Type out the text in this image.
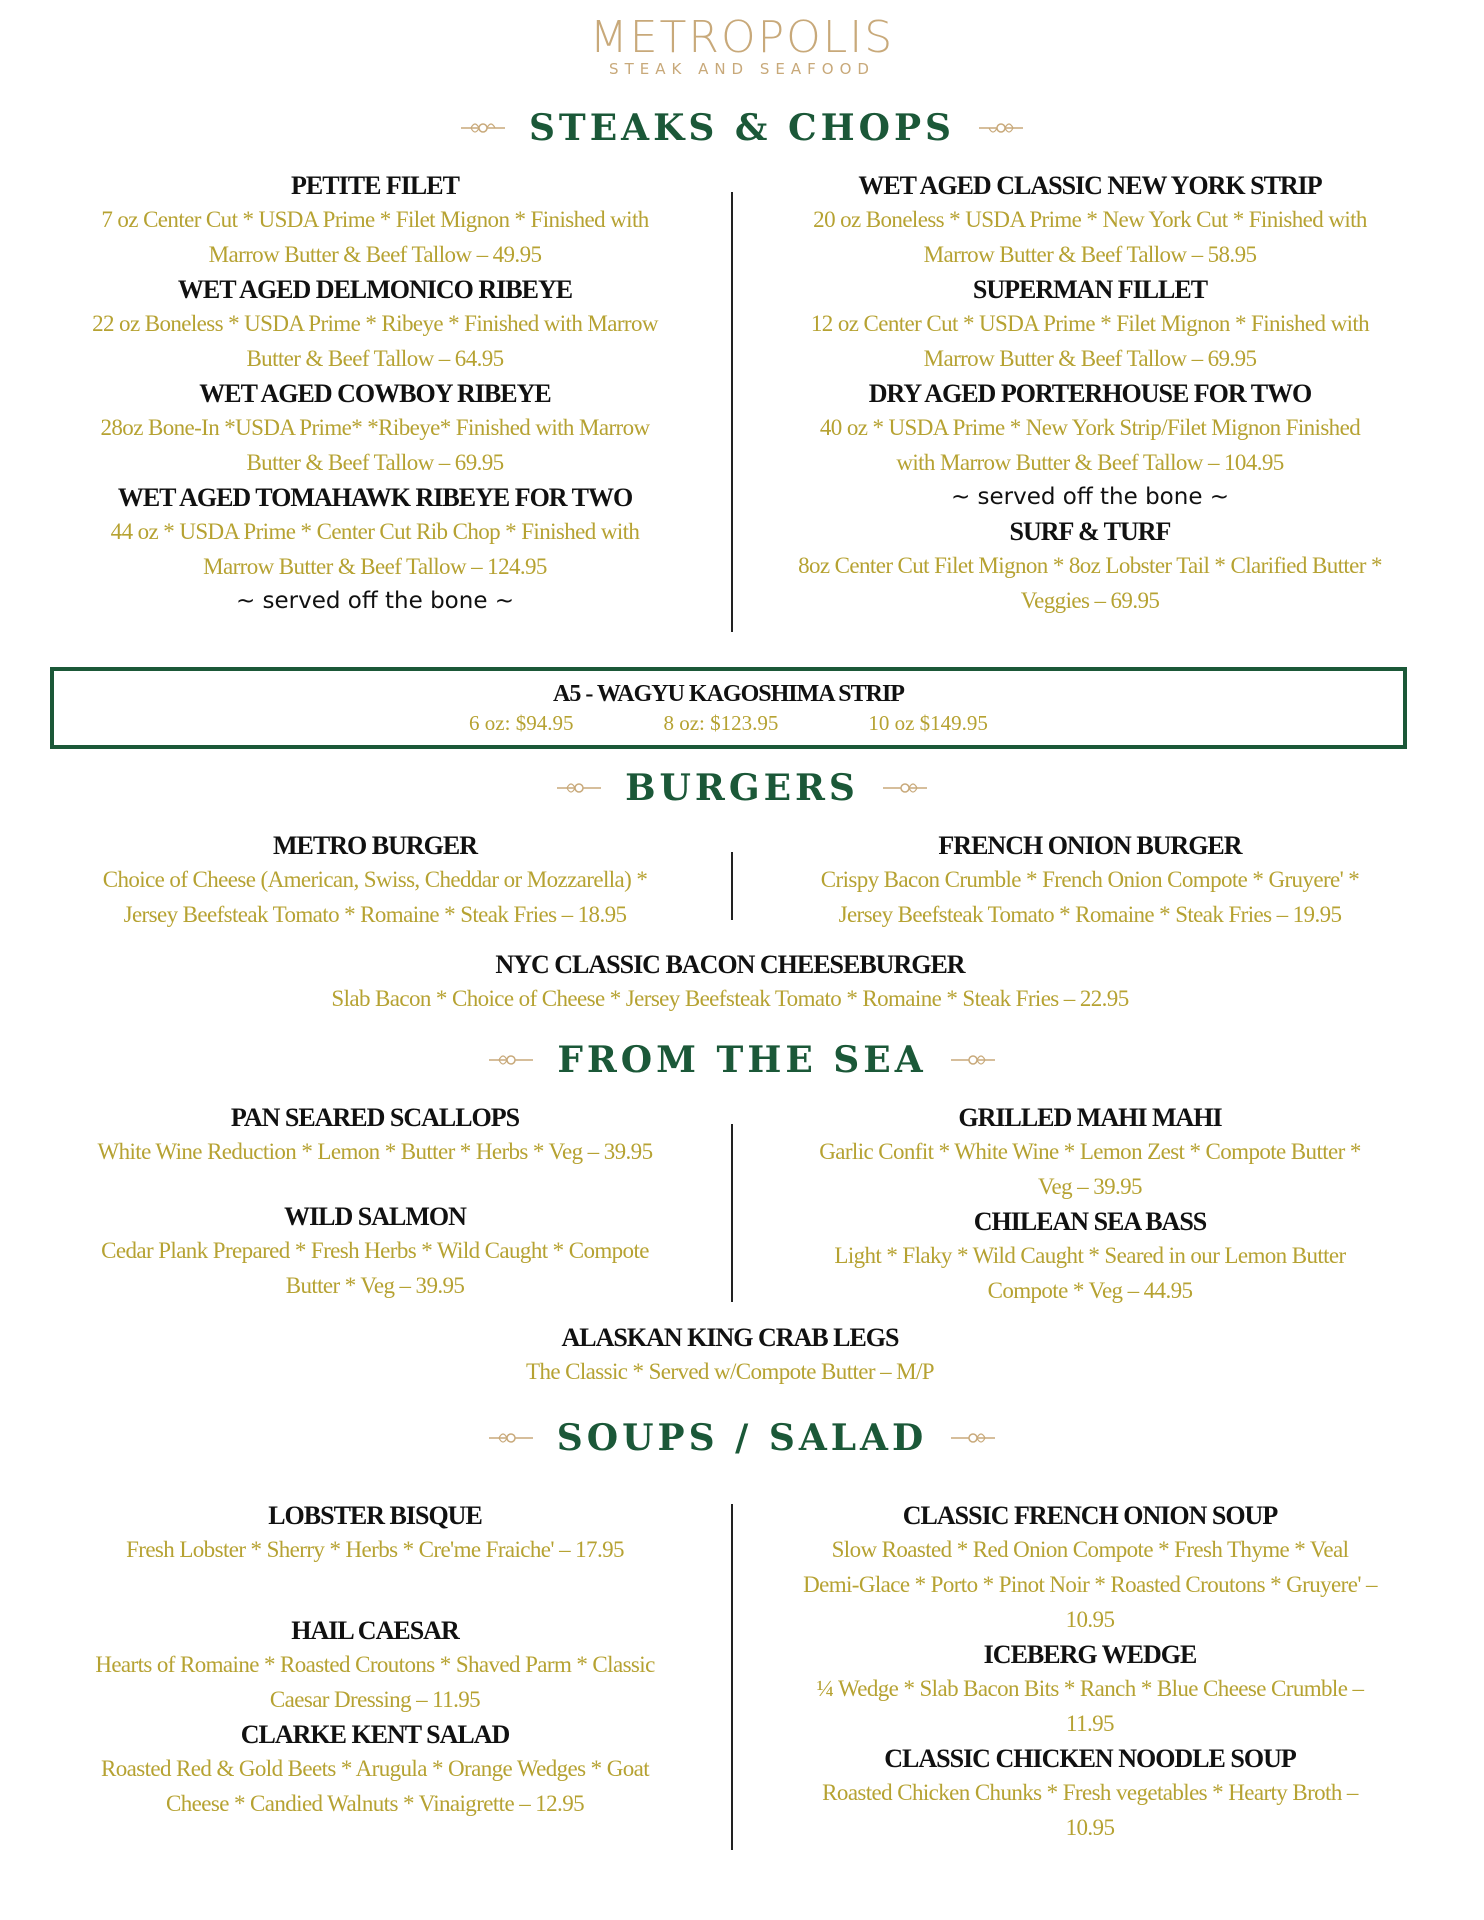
METROPOLIS
STEAK AND SEAFOOD
STEAKS & CHOPS
PETITE FILET
7 oz Center Cut * USDA Prime * Filet Mignon * Finished with
Marrow Butter & Beef Tallow – 49.95
WET AGED DELMONICO RIBEYE
22 oz Boneless * USDA Prime * Ribeye * Finished with Marrow
Butter & Beef Tallow – 64.95
WET AGED COWBOY RIBEYE
28oz Bone-In *USDA Prime* *Ribeye* Finished with Marrow
Butter & Beef Tallow – 69.95
WET AGED TOMAHAWK RIBEYE FOR TWO
44 oz * USDA Prime * Center Cut Rib Chop * Finished with
Marrow Butter & Beef Tallow – 124.95
~ served off the bone ~
WET AGED CLASSIC NEW YORK STRIP
20 oz Boneless * USDA Prime * New York Cut * Finished with
Marrow Butter & Beef Tallow – 58.95
SUPERMAN FILLET
12 oz Center Cut * USDA Prime * Filet Mignon * Finished with
Marrow Butter & Beef Tallow – 69.95
DRY AGED PORTERHOUSE FOR TWO
40 oz * USDA Prime * New York Strip/Filet Mignon Finished
with Marrow Butter & Beef Tallow – 104.95
~ served off the bone ~
SURF & TURF
8oz Center Cut Filet Mignon * 8oz Lobster Tail * Clarified Butter *
Veggies – 69.95
A5 - WAGYU KAGOSHIMA STRIP
6 oz: $94.95	8 oz: $123.95	10 oz $149.95
BURGERS
METRO BURGER
Choice of Cheese (American, Swiss, Cheddar or Mozzarella) *
Jersey Beefsteak Tomato * Romaine * Steak Fries – 18.95
FRENCH ONION BURGER
Crispy Bacon Crumble * French Onion Compote * Gruyere' *
Jersey Beefsteak Tomato * Romaine * Steak Fries – 19.95
NYC CLASSIC BACON CHEESEBURGER
Slab Bacon * Choice of Cheese * Jersey Beefsteak Tomato * Romaine * Steak Fries – 22.95
FROM THE SEA
PAN SEARED SCALLOPS
White Wine Reduction * Lemon * Butter * Herbs * Veg – 39.95
WILD SALMON
Cedar Plank Prepared * Fresh Herbs * Wild Caught * Compote
Butter * Veg – 39.95
GRILLED MAHI MAHI
Garlic Confit * White Wine * Lemon Zest * Compote Butter *
Veg – 39.95
CHILEAN SEA BASS
Light * Flaky * Wild Caught * Seared in our Lemon Butter
Compote * Veg – 44.95
ALASKAN KING CRAB LEGS
The Classic * Served w/Compote Butter – M/P
SOUPS / SALAD
LOBSTER BISQUE
Fresh Lobster * Sherry * Herbs * Cre'me Fraiche' – 17.95
HAIL CAESAR
Hearts of Romaine * Roasted Croutons * Shaved Parm * Classic
Caesar Dressing – 11.95
CLARKE KENT SALAD
Roasted Red & Gold Beets * Arugula * Orange Wedges * Goat
Cheese * Candied Walnuts * Vinaigrette – 12.95
CLASSIC FRENCH ONION SOUP
Slow Roasted * Red Onion Compote * Fresh Thyme * Veal
Demi-Glace * Porto * Pinot Noir * Roasted Croutons * Gruyere' –
10.95
ICEBERG WEDGE
¼ Wedge * Slab Bacon Bits * Ranch * Blue Cheese Crumble –
11.95
CLASSIC CHICKEN NOODLE SOUP
Roasted Chicken Chunks * Fresh vegetables * Hearty Broth –
10.95
